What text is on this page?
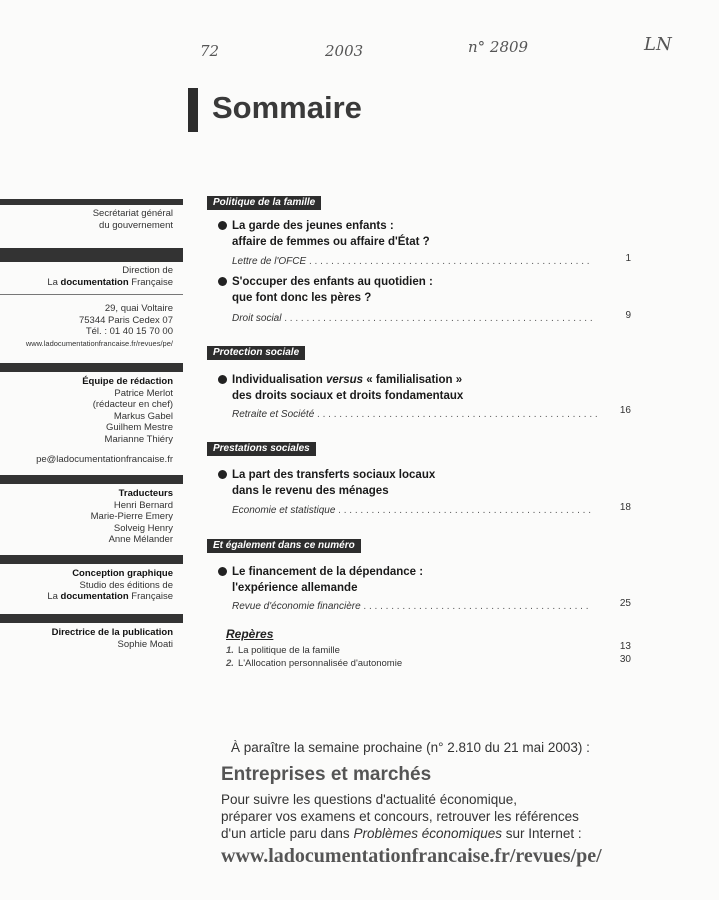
72	2003	n° 2809	LN
Sommaire
Secrétariat général
du gouvernement
Direction de
La documentation Française
29, quai Voltaire
75344 Paris Cedex 07
Tél. : 01 40 15 70 00
www.ladocumentationfrancaise.fr/revues/pe/
Équipe de rédaction
Patrice Merlot
(rédacteur en chef)
Markus Gabel
Guilhem Mestre
Marianne Thiéry
pe@ladocumentationfrancaise.fr
Traducteurs
Henri Bernard
Marie-Pierre Emery
Solveig Henry
Anne Mélander
Conception graphique
Studio des éditions de
La documentation Française
Directrice de la publication
Sophie Moati
Politique de la famille
La garde des jeunes enfants :
affaire de femmes ou affaire d'État ?
Lettre de l'OFCE . . .	1
S'occuper des enfants au quotidien :
que font donc les pères ?
Droit social . . .	9
Protection sociale
Individualisation versus « familialisation »
des droits sociaux et droits fondamentaux
Retraite et Société . . .	16
Prestations sociales
La part des transferts sociaux locaux
dans le revenu des ménages
Économie et statistique . . .	18
Et également dans ce numéro
Le financement de la dépendance :
l'expérience allemande
Revue d'économie financière . . .	25
Repères
1. La politique de la famille	13
2. L'Allocation personnalisée d'autonomie	30
À paraître la semaine prochaine (n° 2.810 du 21 mai 2003) :
Entreprises et marchés
Pour suivre les questions d'actualité économique,
préparer vos examens et concours, retrouver les références
d'un article paru dans Problèmes économiques sur Internet :
www.ladocumentationfrancaise.fr/revues/pe/
